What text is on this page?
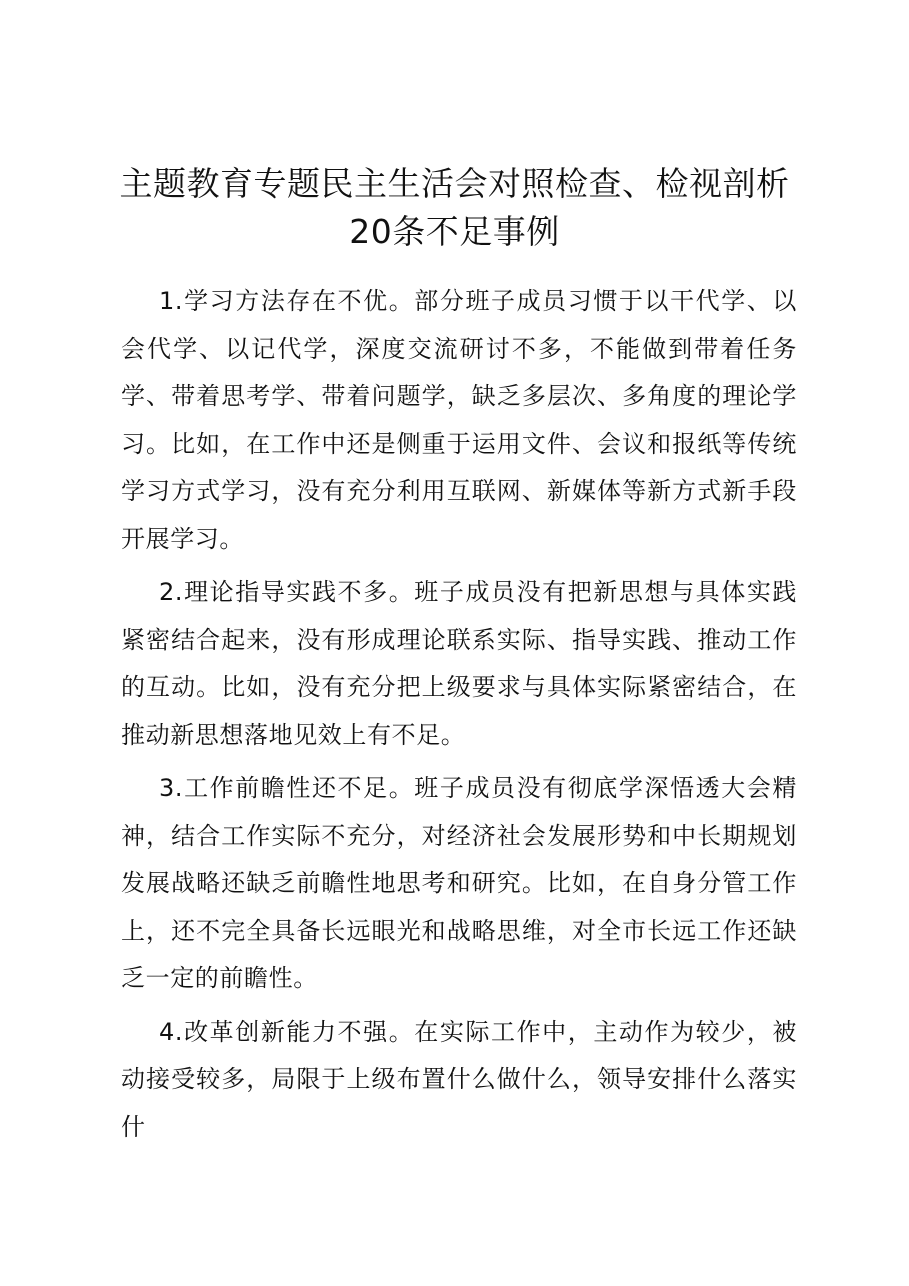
主题教育专题民主生活会对照检查、检视剖析
20条不足事例

1.学习方法存在不优。部分班子成员习惯于以干代学、以会代学、以记代学，深度交流研讨不多，不能做到带着任务学、带着思考学、带着问题学，缺乏多层次、多角度的理论学习。比如，在工作中还是侧重于运用文件、会议和报纸等传统学习方式学习，没有充分利用互联网、新媒体等新方式新手段开展学习。

2.理论指导实践不多。班子成员没有把新思想与具体实践紧密结合起来，没有形成理论联系实际、指导实践、推动工作的互动。比如，没有充分把上级要求与具体实际紧密结合，在推动新思想落地见效上有不足。

3.工作前瞻性还不足。班子成员没有彻底学深悟透大会精神，结合工作实际不充分，对经济社会发展形势和中长期规划发展战略还缺乏前瞻性地思考和研究。比如，在自身分管工作上，还不完全具备长远眼光和战略思维，对全市长远工作还缺乏一定的前瞻性。

4.改革创新能力不强。在实际工作中，主动作为较少，被动接受较多，局限于上级布置什么做什么，领导安排什么落实什
